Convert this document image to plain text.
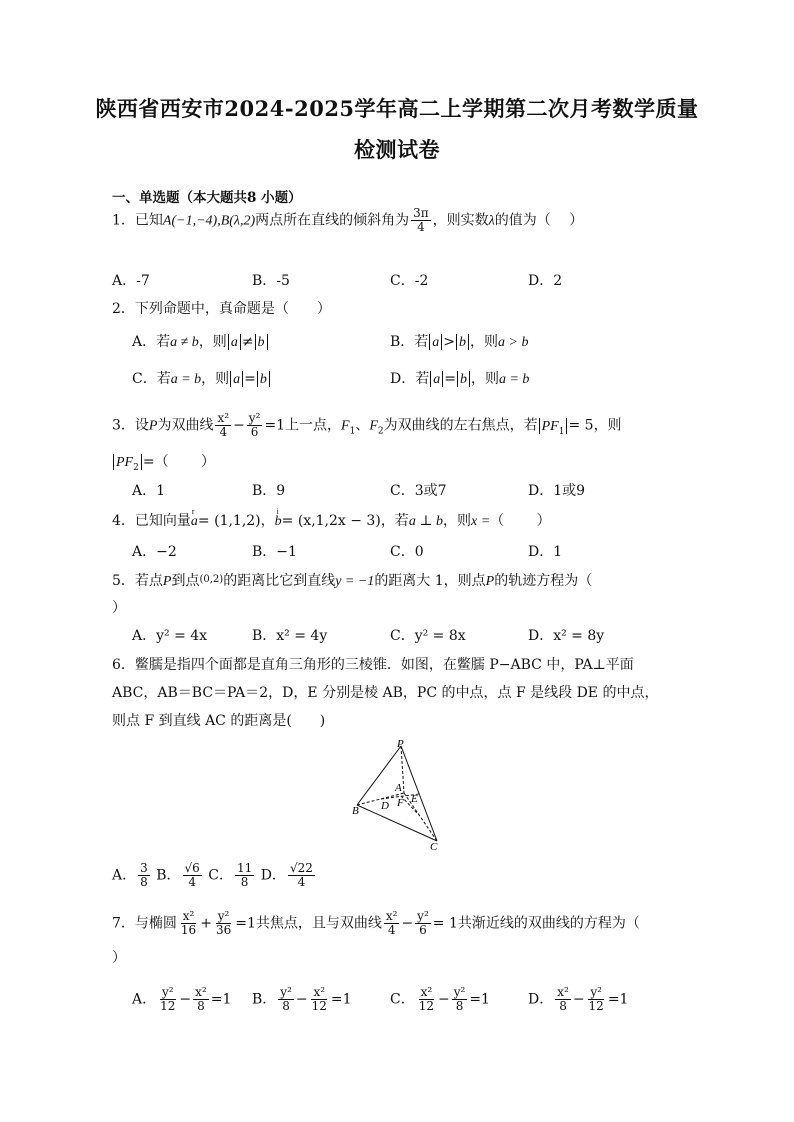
陕西省西安市2024-2025学年高二上学期第二次月考数学质量
检测试卷
一、单选题（本大题共8 小题）
1．已知A(−1,−4),B(λ,2)两点所在直线的倾斜角为 $\frac{3\pi}{4}$ ，则实数λ的值为（　 ）
A．-7	B．-5	C．-2	D．2
2．下列命题中，真命题是（　　）
A．若a ≠ b，则 a ≠ b	B．若 a > b ，则a > b
C．若a = b，则 a = b	D．若 a = b ，则a = b
3．设P为双曲线 $\frac{\text{x²}}{4} - \frac{\text{y²}}{6} =1$上一点，$F_1$、$F_2$为双曲线的左右焦点，若 $PF_1 = 5$，则
$PF_2$ =（　　 ）
A．1	B．9	C．3或7	D．1或9
4．已知向量r a= (1,1,2)，i b= (x,1,2x − 3)，若a ⊥ b，则x =（　　 ）
A．−2	B．−1	C．0	D．1
5．若点P到点$^{(0,2)}$的距离比它到直线y = −1的距离大 1，则点P的轨迹方程为（
）
A．y² = 4x	B．x² = 4y	C．y² = 8x	D．x² = 8y
6．鳖臑是指四个面都是直角三角形的三棱锥．如图，在鳖臑 P−ABC 中，PA⊥平面
ABC，AB＝BC＝PA＝2，D，E 分别是棱 AB，PC 的中点，点 F 是线段 DE 的中点，
则点 F 到直线 AC 的距离是(　　)
P
A
B
C
D
E
F
A． $\frac{3}{8}$ B． $\frac{√6}{4}$ C． $\frac{11}{8}$ D． $\frac{√22}{4}$
7．与椭圆 $\frac{\text{x²}}{16} + \frac{\text{y²}}{36} =1$共焦点，且与双曲线 $\frac{\text{x²}}{4} - \frac{\text{y²}}{6} = 1$共渐近线的双曲线的方程为（
）
A． $\frac{\text{y²}}{12} - \frac{\text{x²}}{8} =1$ B． $\frac{\text{y²}}{8} - \frac{\text{x²}}{12} =1$	C． $\frac{\text{x²}}{12} - \frac{\text{y²}}{8} =1$	D． $\frac{\text{x²}}{8} - \frac{\text{y²}}{12} =1$
